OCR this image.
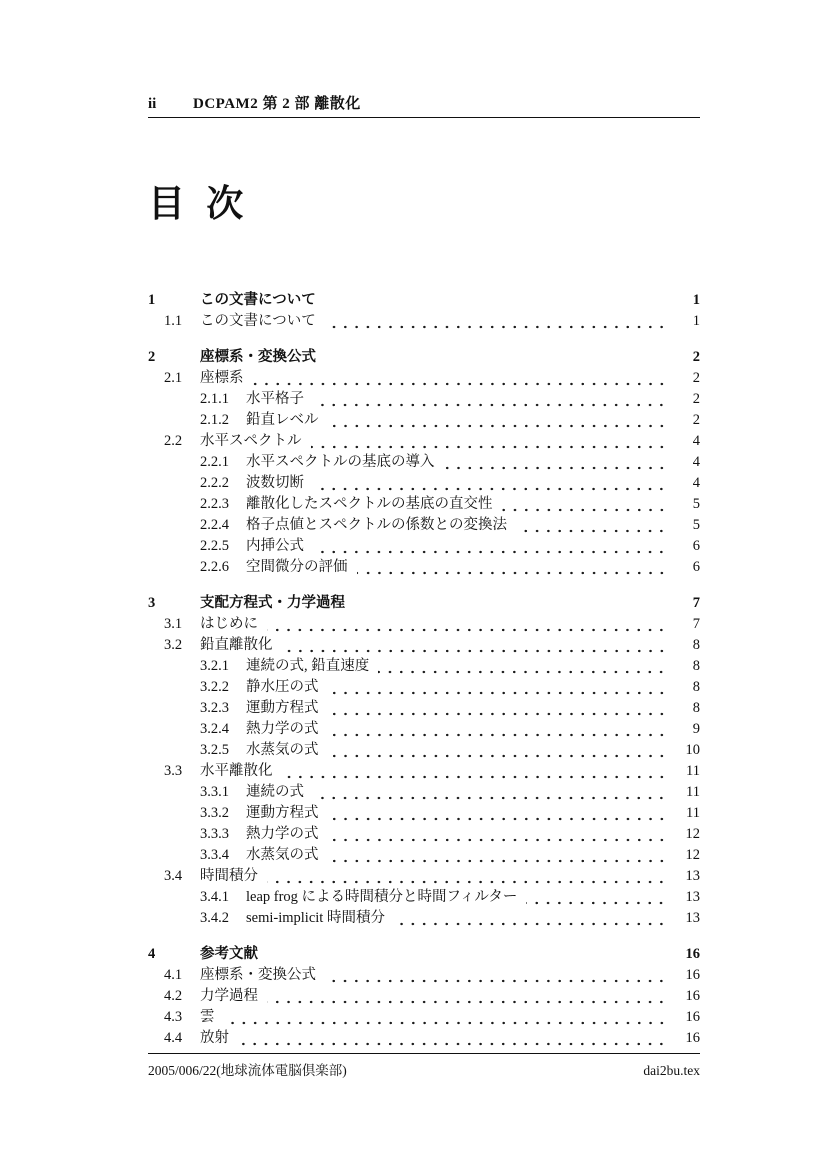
ii	DCPAM2 第 2 部 離散化
目 次
1	この文書について	1
1.1	この文書について	1
2	座標系・変換公式	2
2.1	座標系	2
2.1.1	水平格子	2
2.1.2	鉛直レベル	2
2.2	水平スペクトル	4
2.2.1	水平スペクトルの基底の導入	4
2.2.2	波数切断	4
2.2.3	離散化したスペクトルの基底の直交性	5
2.2.4	格子点値とスペクトルの係数との変換法	5
2.2.5	内挿公式	6
2.2.6	空間微分の評価	6
3	支配方程式・力学過程	7
3.1	はじめに	7
3.2	鉛直離散化	8
3.2.1	連続の式, 鉛直速度	8
3.2.2	静水圧の式	8
3.2.3	運動方程式	8
3.2.4	熱力学の式	9
3.2.5	水蒸気の式	10
3.3	水平離散化	11
3.3.1	連続の式	11
3.3.2	運動方程式	11
3.3.3	熱力学の式	12
3.3.4	水蒸気の式	12
3.4	時間積分	13
3.4.1	leap frog による時間積分と時間フィルター	13
3.4.2	semi-implicit 時間積分	13
4	参考文献	16
4.1	座標系・変換公式	16
4.2	力学過程	16
4.3	雲	16
4.4	放射	16
2005/006/22(地球流体電脳倶楽部)	dai2bu.tex
